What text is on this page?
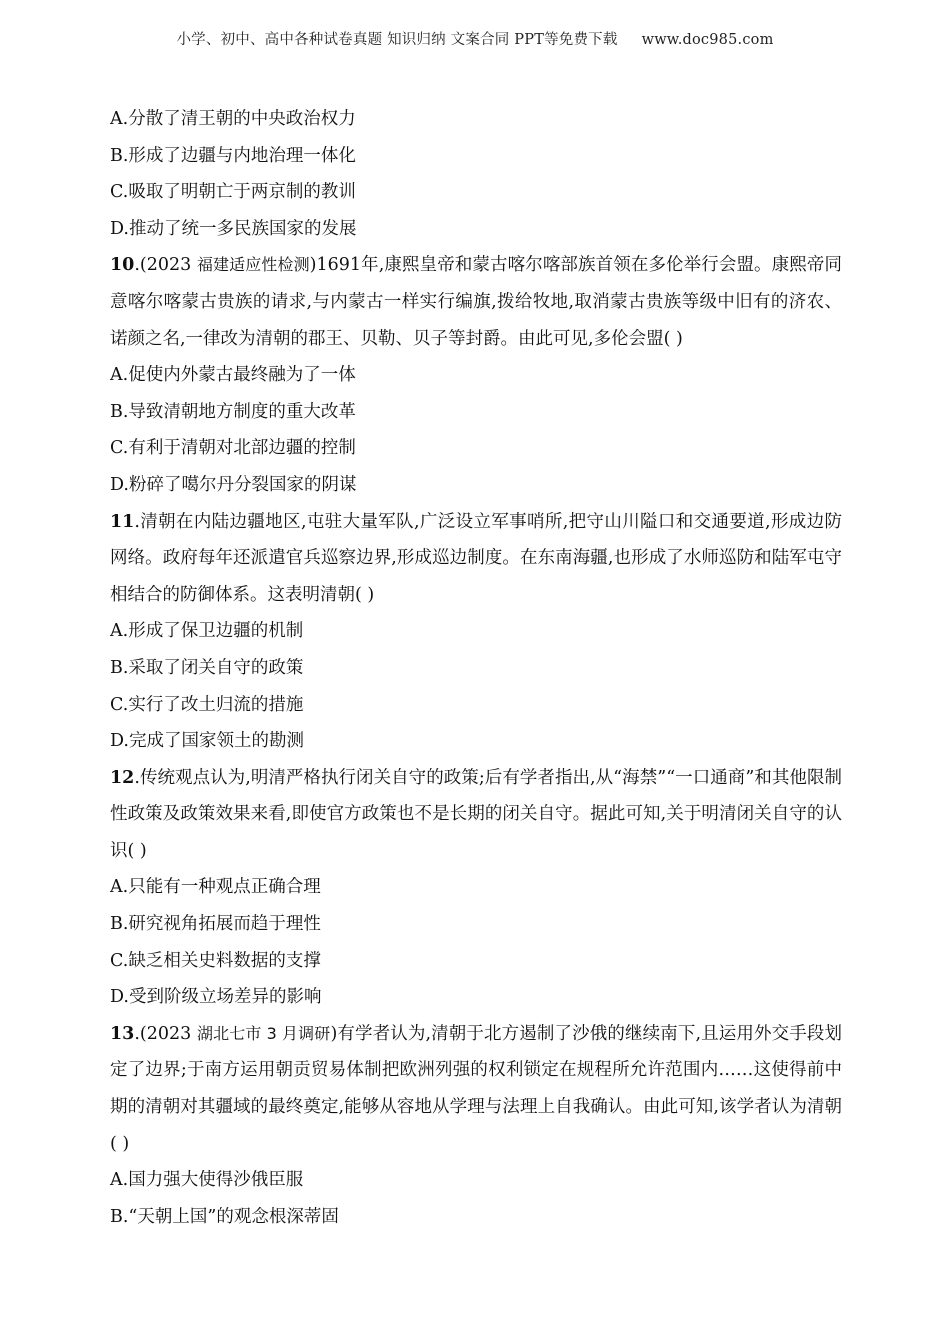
小学、初中、高中各种试卷真题 知识归纳 文案合同 PPT等免费下载 www.doc985.com
A.分散了清王朝的中央政治权力
B.形成了边疆与内地治理一体化
C.吸取了明朝亡于两京制的教训
D.推动了统一多民族国家的发展
10.(2023 福建适应性检测)1691年,康熙皇帝和蒙古喀尔喀部族首领在多伦举行会盟。康熙帝同意喀尔喀蒙古贵族的请求,与内蒙古一样实行编旗,拨给牧地,取消蒙古贵族等级中旧有的济农、诺颜之名,一律改为清朝的郡王、贝勒、贝子等封爵。由此可见,多伦会盟( )
A.促使内外蒙古最终融为了一体
B.导致清朝地方制度的重大改革
C.有利于清朝对北部边疆的控制
D.粉碎了噶尔丹分裂国家的阴谋
11.清朝在内陆边疆地区,屯驻大量军队,广泛设立军事哨所,把守山川隘口和交通要道,形成边防网络。政府每年还派遣官兵巡察边界,形成巡边制度。在东南海疆,也形成了水师巡防和陆军屯守相结合的防御体系。这表明清朝( )
A.形成了保卫边疆的机制
B.采取了闭关自守的政策
C.实行了改土归流的措施
D.完成了国家领土的勘测
12.传统观点认为,明清严格执行闭关自守的政策;后有学者指出,从“海禁”“一口通商”和其他限制性政策及政策效果来看,即使官方政策也不是长期的闭关自守。据此可知,关于明清闭关自守的认识( )
A.只能有一种观点正确合理
B.研究视角拓展而趋于理性
C.缺乏相关史料数据的支撑
D.受到阶级立场差异的影响
13.(2023 湖北七市 3 月调研)有学者认为,清朝于北方遏制了沙俄的继续南下,且运用外交手段划定了边界;于南方运用朝贡贸易体制把欧洲列强的权利锁定在规程所允许范围内……这使得前中期的清朝对其疆域的最终奠定,能够从容地从学理与法理上自我确认。由此可知,该学者认为清朝( )
A.国力强大使得沙俄臣服
B.“天朝上国”的观念根深蒂固
